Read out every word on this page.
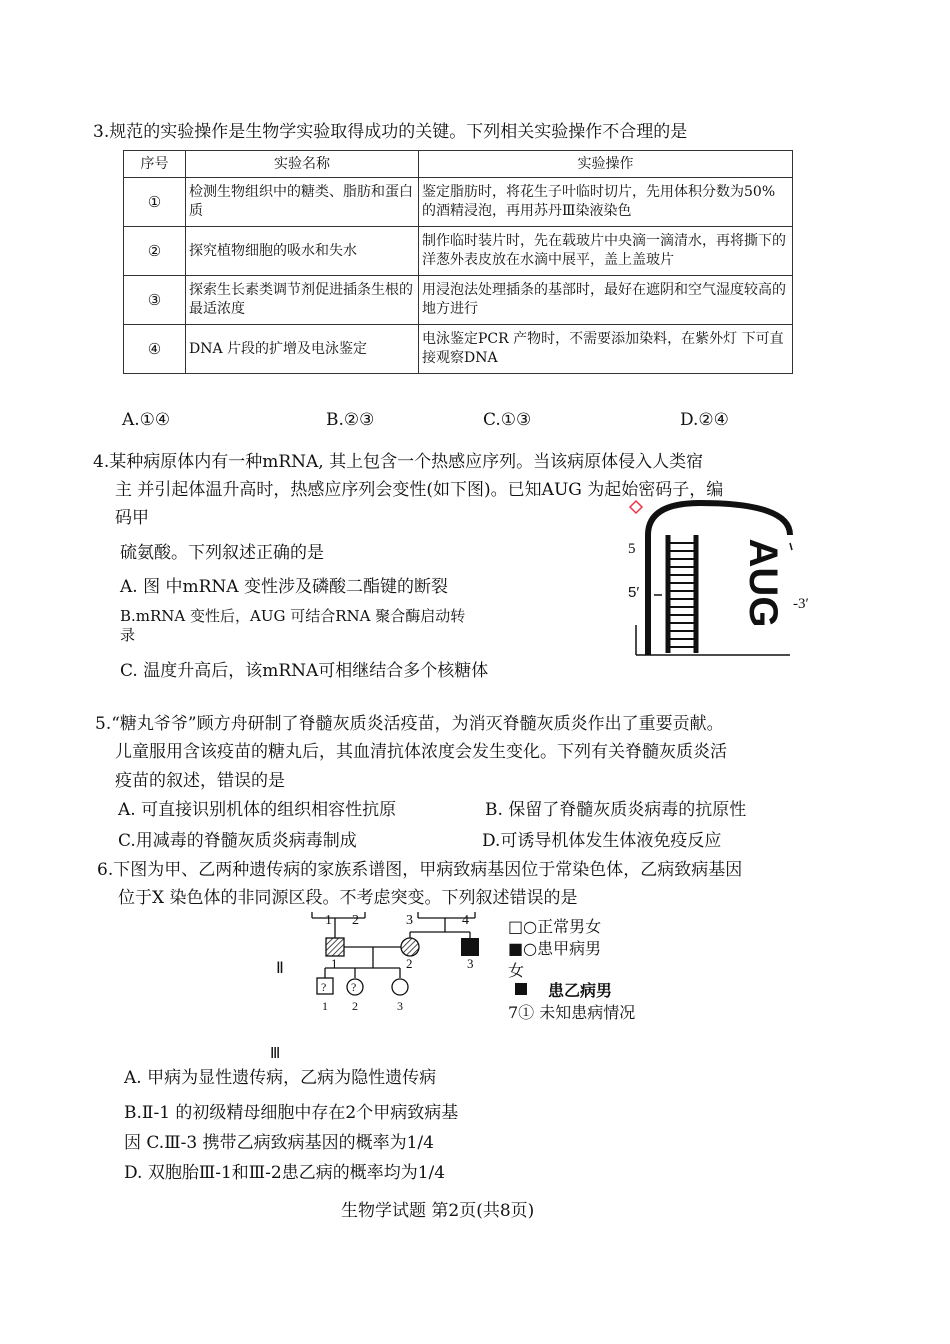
3.规范的实验操作是生物学实验取得成功的关键。下列相关实验操作不合理的是
序号	实验名称	实验操作
①	检测生物组织中的糖类、脂肪和蛋白质	鉴定脂肪时，将花生子叶临时切片，先用体积分数为50%的酒精浸泡，再用苏丹Ⅲ染液染色
②	探究植物细胞的吸水和失水	制作临时装片时，先在载玻片中央滴一滴清水，再将撕下的洋葱外表皮放在水滴中展平，盖上盖玻片
③	探索生长素类调节剂促进插条生根的最适浓度	用浸泡法处理插条的基部时，最好在遮阴和空气湿度较高的地方进行
④	DNA 片段的扩增及电泳鉴定	电泳鉴定PCR 产物时，不需要添加染料，在紫外灯 下可直接观察DNA
A.①④	B.②③	C.①③	D.②④
4.某种病原体内有一种mRNA, 其上包含一个热感应序列。当该病原体侵入人类宿
主 并引起体温升高时，热感应序列会变性(如下图)。已知AUG 为起始密码子，编
码甲
硫氨酸。下列叙述正确的是
A. 图 中mRNA 变性涉及磷酸二酯键的断裂
B.mRNA 变性后，AUG 可结合RNA 聚合酶启动转
录
C. 温度升高后，该mRNA可相继结合多个核糖体
AUG
5
5′
-3′
5.“糖丸爷爷”顾方舟研制了脊髓灰质炎活疫苗，为消灭脊髓灰质炎作出了重要贡献。
儿童服用含该疫苗的糖丸后，其血清抗体浓度会发生变化。下列有关脊髓灰质炎活
疫苗的叙述，错误的是
A. 可直接识别机体的组织相容性抗原	B. 保留了脊髓灰质炎病毒的抗原性
C.用减毒的脊髓灰质炎病毒制成	D.可诱导机体发生体液免疫反应
6.下图为甲、乙两种遗传病的家族系谱图，甲病致病基因位于常染色体，乙病致病基因
位于X 染色体的非同源区段。不考虑突变。下列叙述错误的是
1 2	3	4
Ⅱ	1	2	3
? ?
1 2	3
Ⅲ
□○正常男女
■○患甲病男
女
患乙病男
7① 未知患病情况
A. 甲病为显性遗传病，乙病为隐性遗传病
B.Ⅱ-1 的初级精母细胞中存在2个甲病致病基
因 C.Ⅲ-3 携带乙病致病基因的概率为1/4
D. 双胞胎Ⅲ-1和Ⅲ-2患乙病的概率均为1/4
生物学试题 第2页(共8页)
